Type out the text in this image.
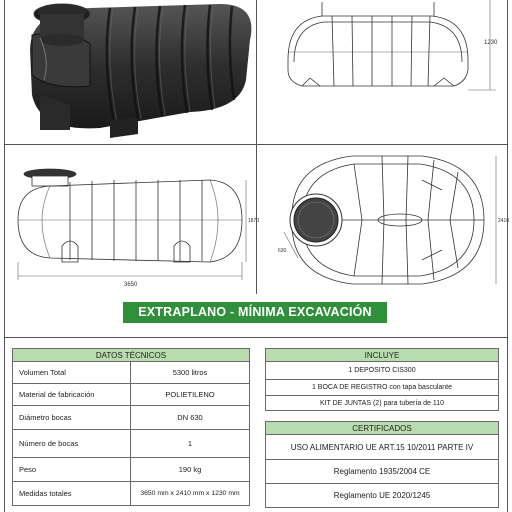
1230
1870
3650
2410
630
EXTRAPLANO - MÍNIMA EXCAVACIÓN
DATOS TÉCNICOS
Volumen Total	5300 litros
Material de fabricación	POLIETILENO
Diámetro bocas	DN 630
Número de bocas	1
Peso	190 kg
Medidas totales	3650 mm x 2410 mm x 1230 mm
INCLUYE
1 DEPOSITO CIS300
1 BOCA DE REGISTRO con tapa basculante
KIT DE JUNTAS (2) para tubería de 110
CERTIFICADOS
USO ALIMENTARIO UE ART.15 10/2011 PARTE IV
Reglamento 1935/2004 CE
Reglamento UE 2020/1245
